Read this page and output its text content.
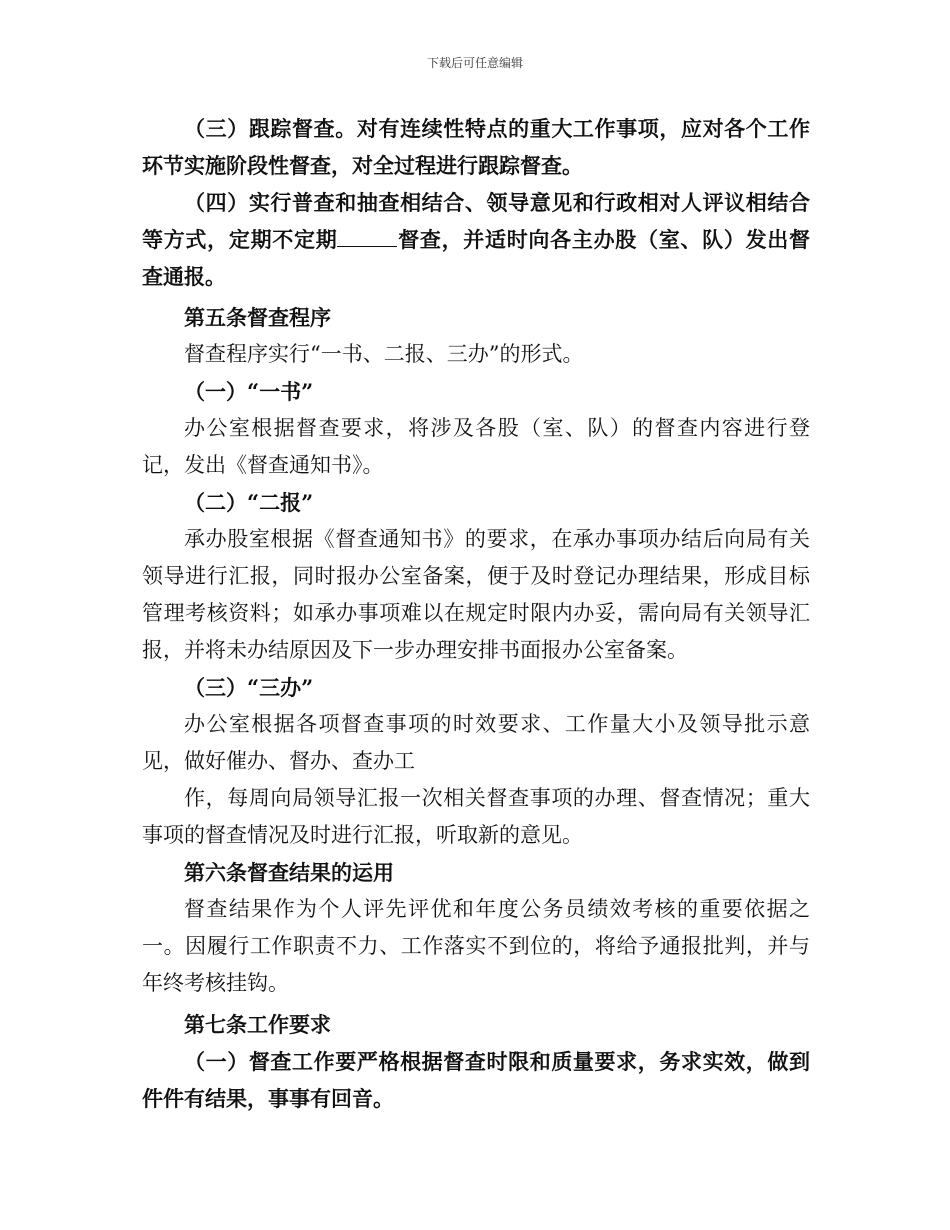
下载后可任意编辑
（三）跟踪督查。对有连续性特点的重大工作事项，应对各个工作环节实施阶段性督查，对全过程进行跟踪督查。
（四）实行普查和抽查相结合、领导意见和行政相对人评议相结合等方式，定期不定期	督查，并适时向各主办股（室、队）发出督查通报。
第五条督查程序
督查程序实行“一书、二报、三办”的形式。
（一）“一书”
办公室根据督查要求，将涉及各股（室、队）的督查内容进行登记，发出《督查通知书》。
（二）“二报”
承办股室根据《督查通知书》的要求，在承办事项办结后向局有关领导进行汇报，同时报办公室备案，便于及时登记办理结果，形成目标管理考核资料；如承办事项难以在规定时限内办妥，需向局有关领导汇报，并将未办结原因及下一步办理安排书面报办公室备案。
（三）“三办”
办公室根据各项督查事项的时效要求、工作量大小及领导批示意见，做好催办、督办、查办工
作，每周向局领导汇报一次相关督查事项的办理、督查情况；重大事项的督查情况及时进行汇报，听取新的意见。
第六条督查结果的运用
督查结果作为个人评先评优和年度公务员绩效考核的重要依据之一。因履行工作职责不力、工作落实不到位的，将给予通报批判，并与年终考核挂钩。
第七条工作要求
（一）督查工作要严格根据督查时限和质量要求，务求实效，做到件件有结果，事事有回音。
